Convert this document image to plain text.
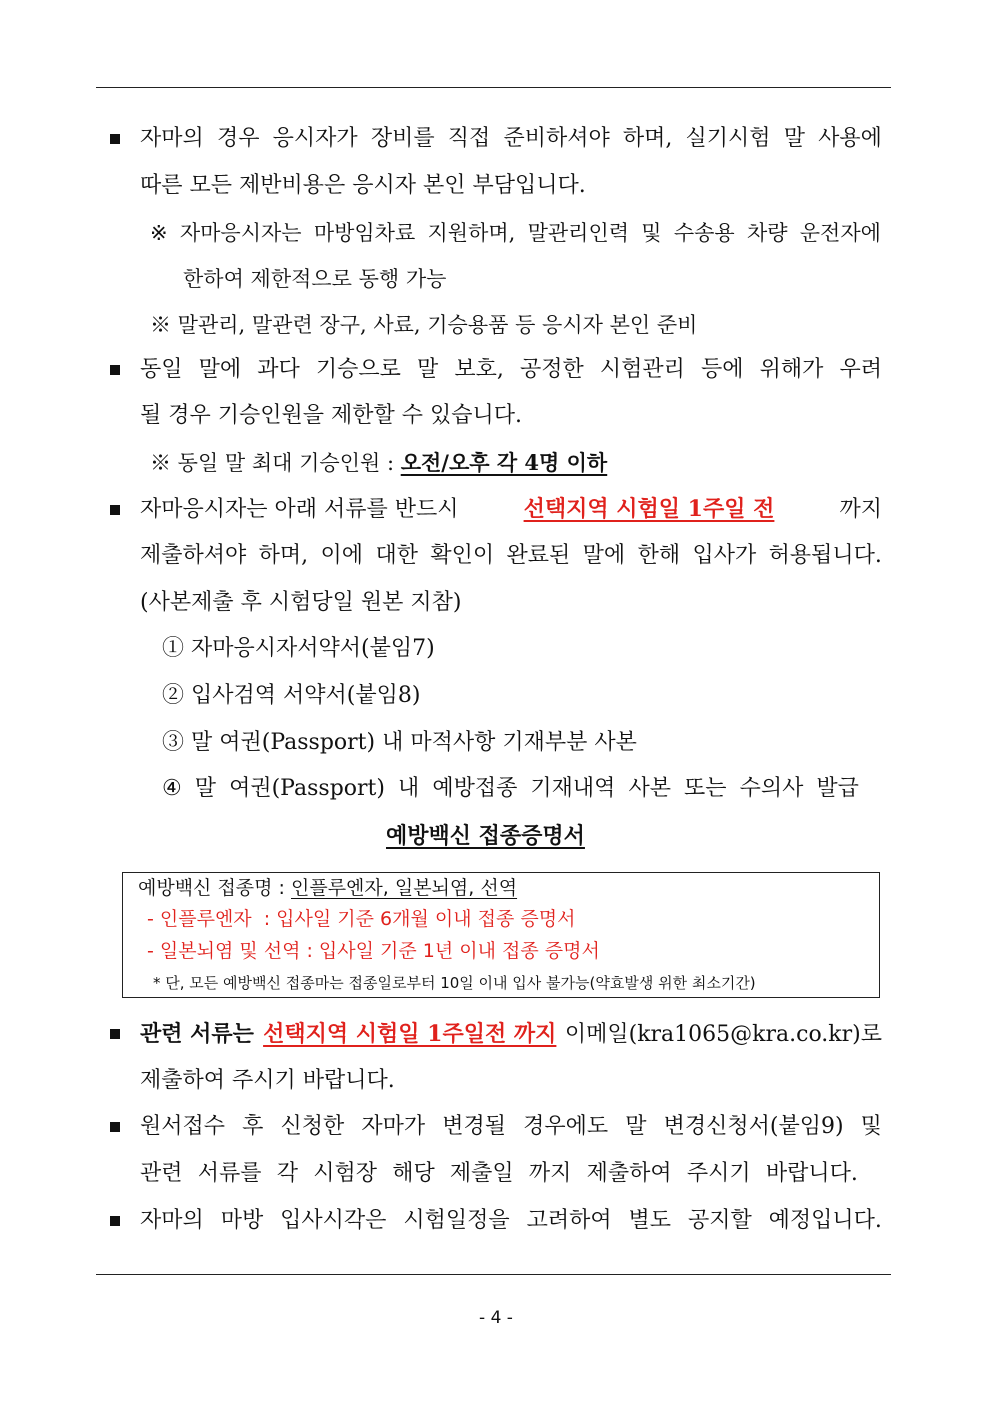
자마의 경우 응시자가 장비를 직접 준비하셔야 하며, 실기시험 말 사용에
따른 모든 제반비용은 응시자 본인 부담입니다.
※ 자마응시자는 마방임차료 지원하며, 말관리인력 및 수송용 차량 운전자에
한하여 제한적으로 동행 가능
※ 말관리, 말관련 장구, 사료, 기승용품 등 응시자 본인 준비
동일 말에 과다 기승으로 말 보호, 공정한 시험관리 등에 위해가 우려
될 경우 기승인원을 제한할 수 있습니다.
※ 동일 말 최대 기승인원 : 오전/오후 각 4명 이하
자마응시자는 아래 서류를 반드시	선택지역 시험일 1주일 전	까지
제출하셔야 하며, 이에 대한 확인이 완료된 말에 한해 입사가 허용됩니다.
(사본제출 후 시험당일 원본 지참)
① 자마응시자서약서(붙임7)
② 입사검역 서약서(붙임8)
③ 말 여권(Passport) 내 마적사항 기재부분 사본
④ 말 여권(Passport) 내 예방접종 기재내역 사본 또는 수의사 발급
예방백신 접종증명서
예방백신 접종명 : 인플루엔자, 일본뇌염, 선역
- 인플루엔자  : 입사일 기준 6개월 이내 접종 증명서
- 일본뇌염 및 선역 : 입사일 기준 1년 이내 접종 증명서
* 단, 모든 예방백신 접종마는 접종일로부터 10일 이내 입사 불가능(약효발생 위한 최소기간)
관련 서류는 선택지역 시험일 1주일전 까지 이메일(kra1065@kra.co.kr)로
제출하여 주시기 바랍니다.
원서접수 후 신청한 자마가 변경될 경우에도 말 변경신청서(붙임9) 및
관련 서류를 각 시험장 해당 제출일 까지 제출하여 주시기 바랍니다.
자마의 마방 입사시각은 시험일정을 고려하여 별도 공지할 예정입니다.
- 4 -
